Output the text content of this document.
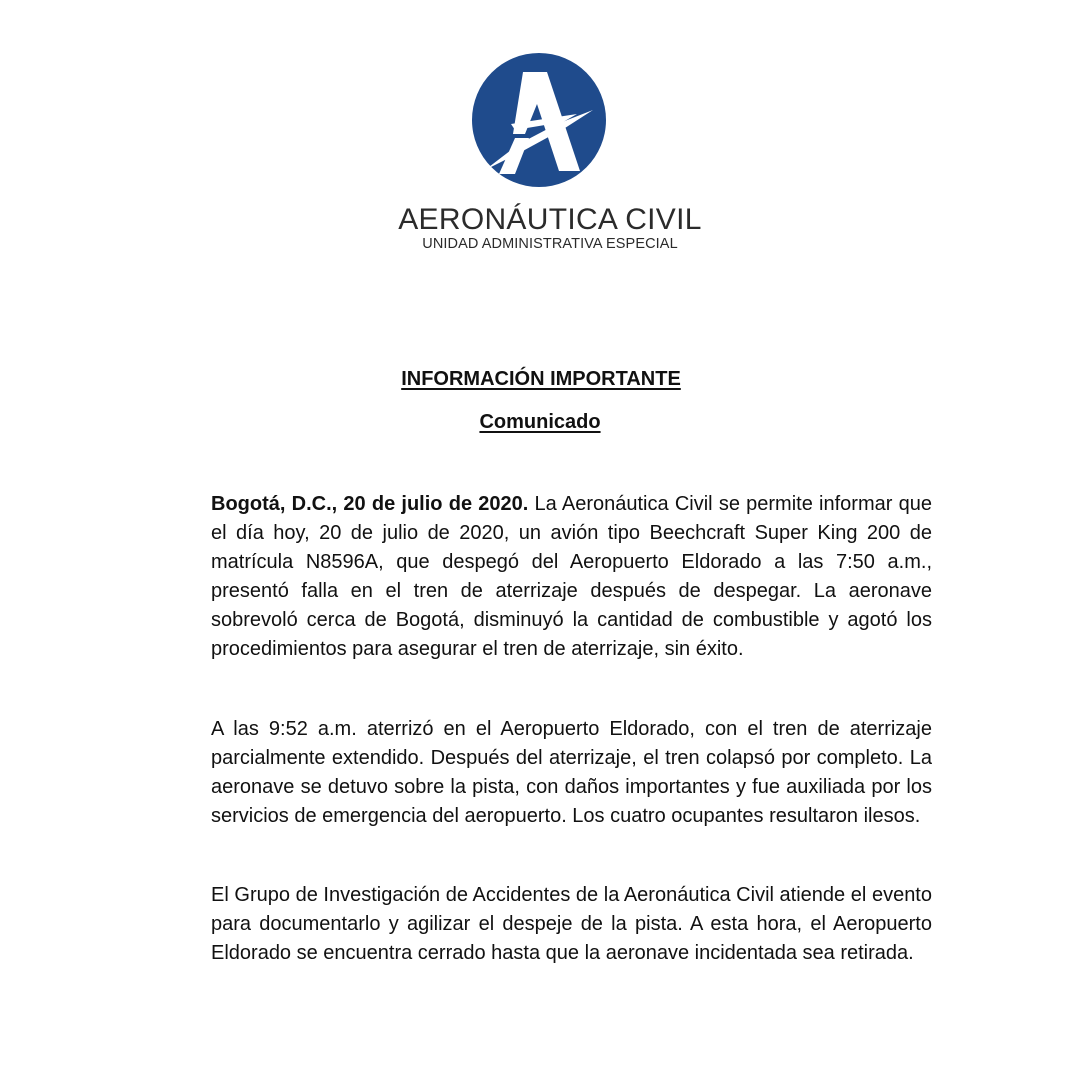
AERONÁUTICA CIVIL
UNIDAD ADMINISTRATIVA ESPECIAL
INFORMACIÓN IMPORTANTE
Comunicado

Bogotá, D.C., 20 de julio de 2020. La Aeronáutica Civil se permite informar que el día hoy, 20 de julio de 2020, un avión tipo Beechcraft Super King 200 de matrícula N8596A, que despegó del Aeropuerto Eldorado a las 7:50 a.m., presentó falla en el tren de aterrizaje después de despegar. La aeronave sobrevoló cerca de Bogotá, disminuyó la cantidad de combustible y agotó los procedimientos para asegurar el tren de aterrizaje, sin éxito.

A las 9:52 a.m. aterrizó en el Aeropuerto Eldorado, con el tren de aterrizaje parcialmente extendido. Después del aterrizaje, el tren colapsó por completo. La aeronave se detuvo sobre la pista, con daños importantes y fue auxiliada por los servicios de emergencia del aeropuerto. Los cuatro ocupantes resultaron ilesos.

El Grupo de Investigación de Accidentes de la Aeronáutica Civil atiende el evento para documentarlo y agilizar el despeje de la pista. A esta hora, el Aeropuerto Eldorado se encuentra cerrado hasta que la aeronave incidentada sea retirada.
